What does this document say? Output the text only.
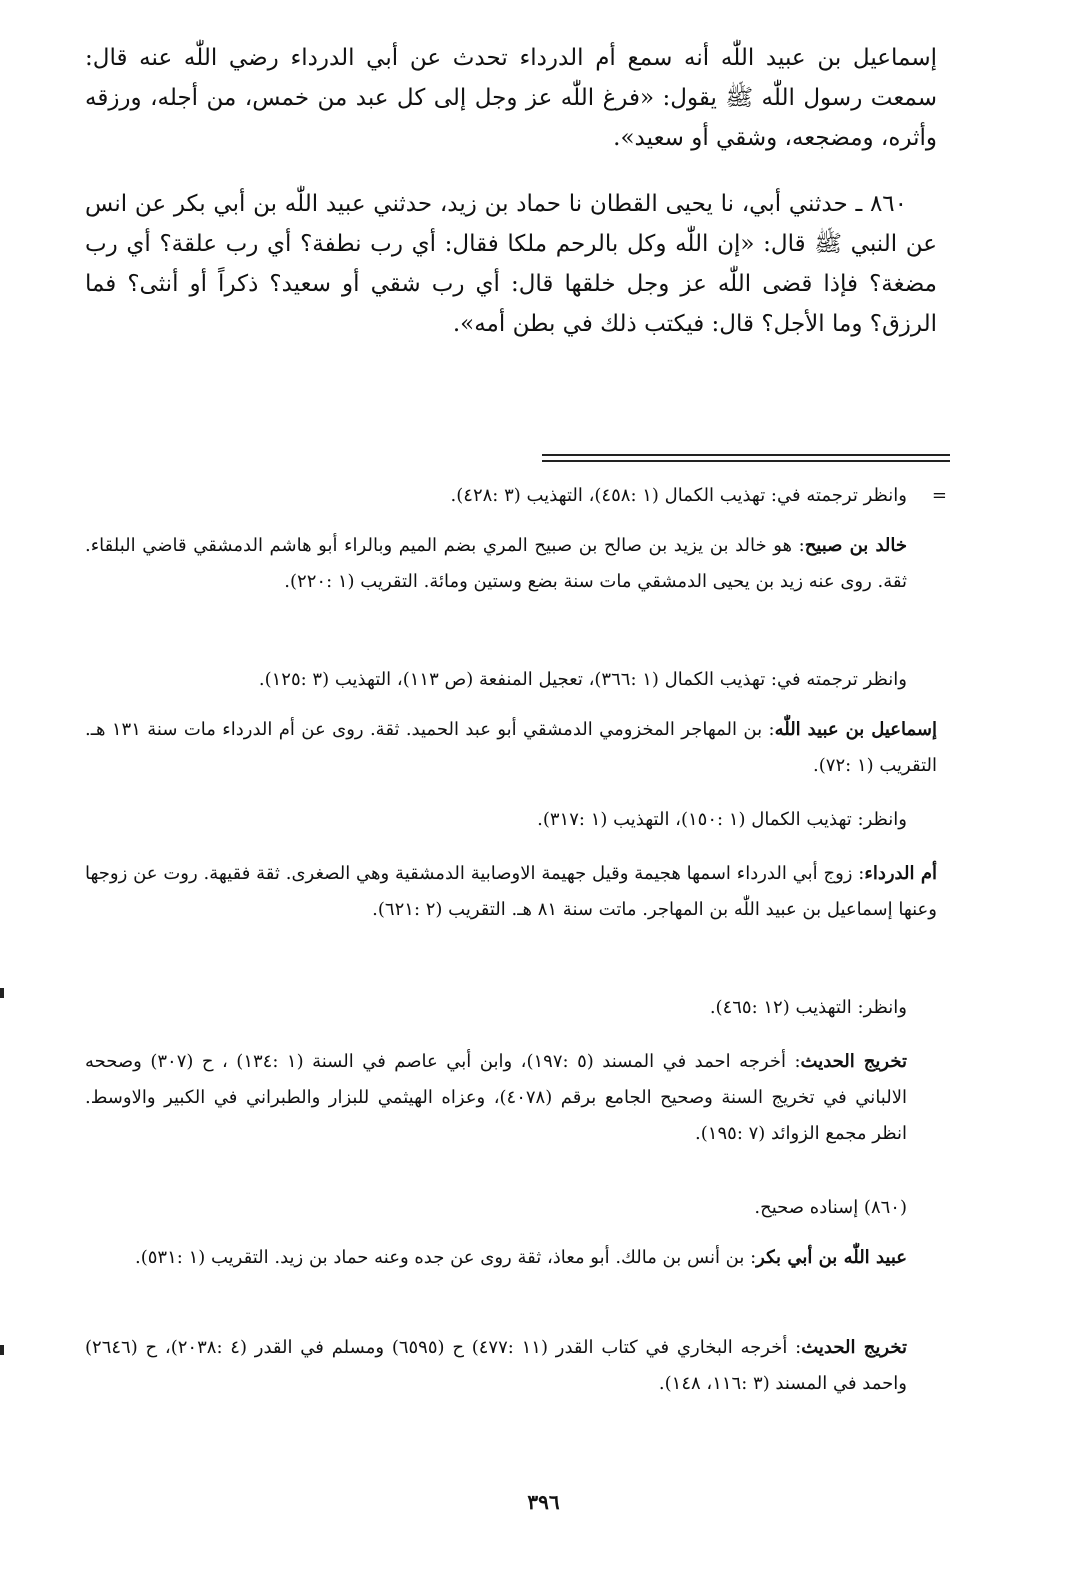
إسماعيل بن عبيد اللّٰه أنه سمع أم الدرداء تحدث عن أبي الدرداء رضي اللّٰه عنه قال: سمعت رسول اللّٰه ﷺ يقول: «فرغ اللّٰه عز وجل إلى كل عبد من خمس، من أجله، ورزقه وأثره، ومضجعه، وشقي أو سعيد».

٨٦٠ ـ حدثني أبي، نا يحيى القطان نا حماد بن زيد، حدثني عبيد اللّٰه بن أبي بكر عن انس عن النبي ﷺ قال: «إن اللّٰه وكل بالرحم ملكا فقال: أي رب نطفة؟ أي رب علقة؟ أي رب مضغة؟ فإذا قضى اللّٰه عز وجل خلقها قال: أي رب شقي أو سعيد؟ ذكراً أو أنثى؟ فما الرزق؟ وما الأجل؟ قال: فيكتب ذلك في بطن أمه».

=
وانظر ترجمته في: تهذيب الكمال (١ :٤٥٨)، التهذيب (٣ :٤٢٨).

خالد بن صبيح: هو خالد بن يزيد بن صالح بن صبيح المري بضم الميم وبالراء أبو هاشم الدمشقي قاضي البلقاء. ثقة. روى عنه زيد بن يحيى الدمشقي مات سنة بضع وستين ومائة. التقريب (١ :٢٢٠).

وانظر ترجمته في: تهذيب الكمال (١ :٣٦٦)، تعجيل المنفعة (ص ١١٣)، التهذيب (٣ :١٢٥).

إسماعيل بن عبيد اللّٰه: بن المهاجر المخزومي الدمشقي أبو عبد الحميد. ثقة. روى عن أم الدرداء مات سنة ١٣١ هـ. التقريب (١ :٧٢).

وانظر: تهذيب الكمال (١ :١٥٠)، التهذيب (١ :٣١٧).

أم الدرداء: زوج أبي الدرداء اسمها هجيمة وقيل جهيمة الاوصابية الدمشقية وهي الصغرى. ثقة فقيهة. روت عن زوجها وعنها إسماعيل بن عبيد اللّٰه بن المهاجر. ماتت سنة ٨١ هـ. التقريب (٢ :٦٢١).

وانظر: التهذيب (١٢ :٤٦٥).

تخريج الحديث: أخرجه احمد في المسند (٥ :١٩٧)، وابن أبي عاصم في السنة (١ :١٣٤) ، ح (٣٠٧) وصححه الالباني في تخريج السنة وصحيح الجامع برقم (٤٠٧٨)، وعزاه الهيثمي للبزار والطبراني في الكبير والاوسط. انظر مجمع الزوائد (٧ :١٩٥).

(٨٦٠) إسناده صحيح.

عبيد اللّٰه بن أبي بكر: بن أنس بن مالك. أبو معاذ، ثقة روى عن جده وعنه حماد بن زيد. التقريب (١ :٥٣١).

تخريج الحديث: أخرجه البخاري في كتاب القدر (١١ :٤٧٧) ح (٦٥٩٥) ومسلم في القدر (٤ :٢٠٣٨)، ح (٢٦٤٦) واحمد في المسند (٣ :١١٦، ١٤٨).

٣٩٦
